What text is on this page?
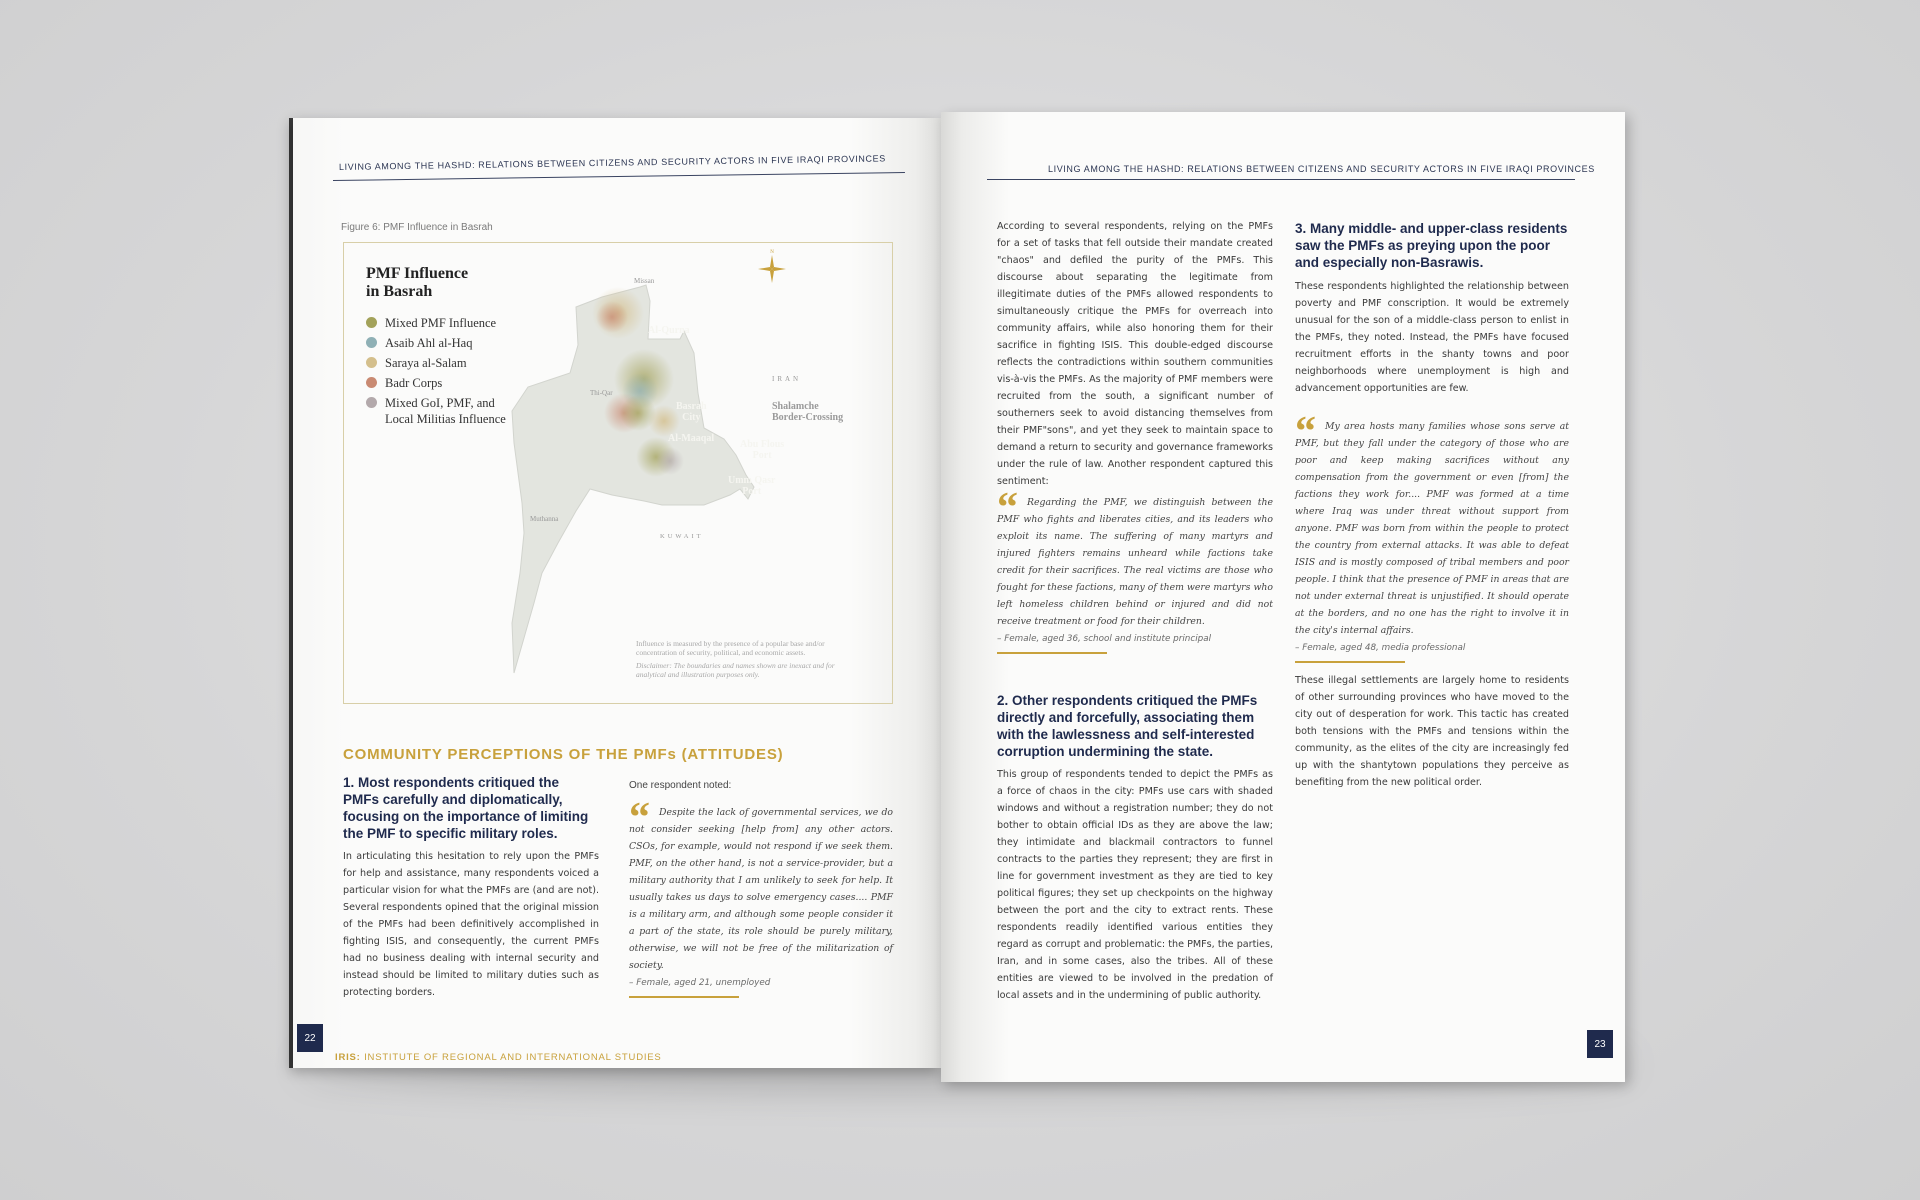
LIVING AMONG THE HASHD: RELATIONS BETWEEN CITIZENS AND SECURITY ACTORS IN FIVE IRAQI PROVINCES
Figure 6: PMF Influence in Basrah
N
PMF Influence
in Basrah
Mixed PMF Influence
Asaib Ahl al-Haq
Saraya al-Salam
Badr Corps
Mixed GoI, PMF, and Local Militias Influence
Missan
Thi-Qar
Muthanna
IRAN
KUWAIT
Al-Qurna
Basrah
City
Shalamche
Border-Crossing
Al-Maaqal
Abu Flous
Port
Umm Qasr
Port
Influence is measured by the presence of a popular base and/or concentration of security, political, and economic assets.
Disclaimer: The boundaries and names shown are inexact and for analytical and illustration purposes only.
COMMUNITY PERCEPTIONS OF THE PMFs (ATTITUDES)
1. Most respondents critiqued the PMFs carefully and diplomatically, focusing on the importance of limiting the PMF to specific military roles.

In articulating this hesitation to rely upon the PMFs for help and assistance, many respondents voiced a particular vision for what the PMFs are (and are not). Several respondents opined that the original mission of the PMFs had been definitively accomplished in fighting ISIS, and consequently, the current PMFs had no business dealing with internal security and instead should be limited to military duties such as protecting borders.

One respondent noted:
“ Despite the lack of governmental services, we do not consider seeking [help from] any other actors. CSOs, for example, would not respond if we seek them. PMF, on the other hand, is not a service-provider, but a military authority that I am unlikely to seek for help. It usually takes us days to solve emergency cases.... PMF is a military arm, and although some people consider it a part of the state, its role should be purely military, otherwise, we will not be free of the militarization of society.

– Female, aged 21, unemployed

22
IRIS: INSTITUTE OF REGIONAL AND INTERNATIONAL STUDIES
LIVING AMONG THE HASHD: RELATIONS BETWEEN CITIZENS AND SECURITY ACTORS IN FIVE IRAQI PROVINCES

According to several respondents, relying on the PMFs for a set of tasks that fell outside their mandate created "chaos" and defiled the purity of the PMFs. This discourse about separating the legitimate from illegitimate duties of the PMFs allowed respondents to simultaneously critique the PMFs for overreach into community affairs, while also honoring them for their sacrifice in fighting ISIS. This double-edged discourse reflects the contradictions within southern communities vis-à-vis the PMFs. As the majority of PMF members were recruited from the south, a significant number of southerners seek to avoid distancing themselves from their PMF"sons", and yet they seek to maintain space to demand a return to security and governance frameworks under the rule of law. Another respondent captured this sentiment:

“ Regarding the PMF, we distinguish between the PMF who fights and liberates cities, and its leaders who exploit its name. The suffering of many martyrs and injured fighters remains unheard while factions take credit for their sacrifices. The real victims are those who fought for these factions, many of them were martyrs who left homeless children behind or injured and did not receive treatment or food for their children.

– Female, aged 36, school and institute principal

2. Other respondents critiqued the PMFs directly and forcefully, associating them with the lawlessness and self-interested corruption undermining the state.

This group of respondents tended to depict the PMFs as a force of chaos in the city: PMFs use cars with shaded windows and without a registration number; they do not bother to obtain official IDs as they are above the law; they intimidate and blackmail contractors to funnel contracts to the parties they represent; they are first in line for government investment as they are tied to key political figures; they set up checkpoints on the highway between the port and the city to extract rents. These respondents readily identified various entities they regard as corrupt and problematic: the PMFs, the parties, Iran, and in some cases, also the tribes. All of these entities are viewed to be involved in the predation of local assets and in the undermining of public authority.

3. Many middle- and upper-class residents saw the PMFs as preying upon the poor and especially non-Basrawis.

These respondents highlighted the relationship between poverty and PMF conscription. It would be extremely unusual for the son of a middle-class person to enlist in the PMFs, they noted. Instead, the PMFs have focused recruitment efforts in the shanty towns and poor neighborhoods where unemployment is high and advancement opportunities are few.

“ My area hosts many families whose sons serve at PMF, but they fall under the category of those who are poor and keep making sacrifices without any compensation from the government or even [from] the factions they work for.... PMF was formed at a time where Iraq was under threat without support from anyone. PMF was born from within the people to protect the country from external attacks. It was able to defeat ISIS and is mostly composed of tribal members and poor people. I think that the presence of PMF in areas that are not under external threat is unjustified. It should operate at the borders, and no one has the right to involve it in the city's internal affairs.

– Female, aged 48, media professional

These illegal settlements are largely home to residents of other surrounding provinces who have moved to the city out of desperation for work. This tactic has created both tensions with the PMFs and tensions within the community, as the elites of the city are increasingly fed up with the shantytown populations they perceive as benefiting from the new political order.

23
